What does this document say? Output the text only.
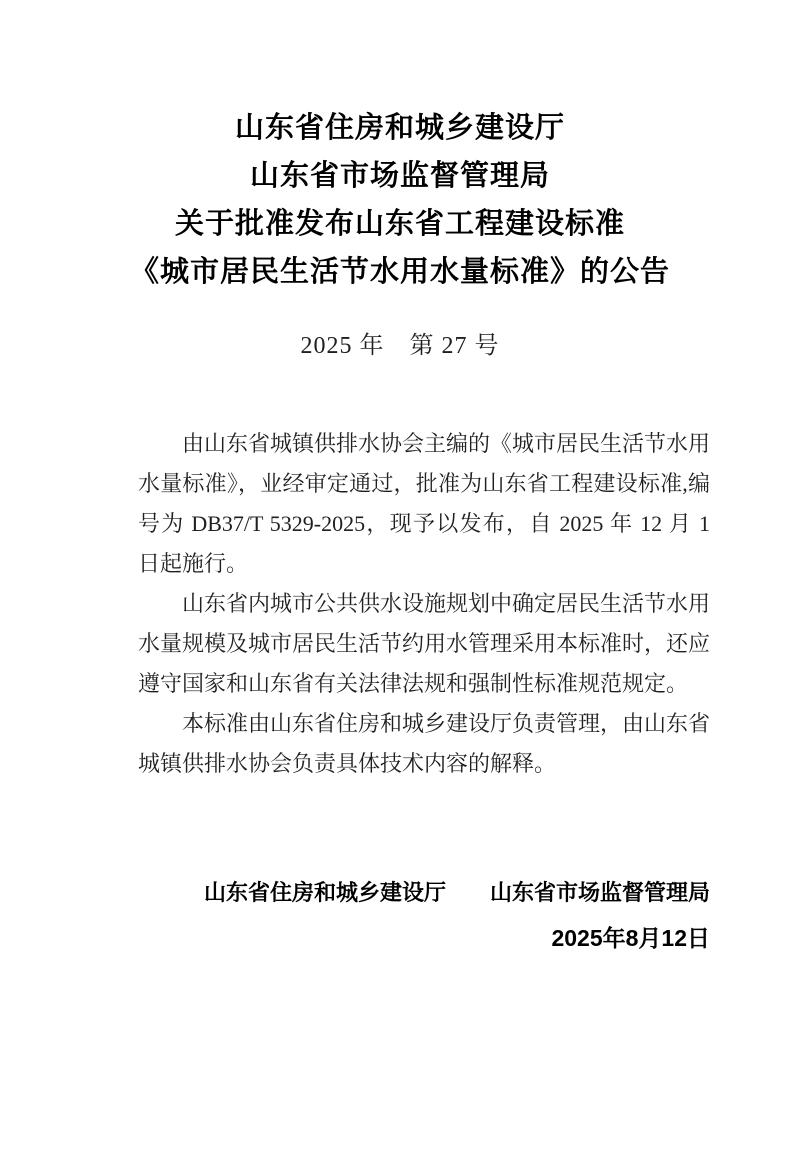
山东省住房和城乡建设厅
山东省市场监督管理局
关于批准发布山东省工程建设标准
《城市居民生活节水用水量标准》的公告
2025 年　第 27 号

由山东省城镇供排水协会主编的《城市居民生活节水用水量标准》，业经审定通过，批准为山东省工程建设标准,编号为 DB37/T 5329-2025，现予以发布，自 2025 年 12 月 1 日起施行。

山东省内城市公共供水设施规划中确定居民生活节水用水量规模及城市居民生活节约用水管理采用本标准时，还应遵守国家和山东省有关法律法规和强制性标准规范规定。

本标准由山东省住房和城乡建设厅负责管理，由山东省城镇供排水协会负责具体技术内容的解释。

山东省住房和城乡建设厅　　山东省市场监督管理局
2025年8月12日
